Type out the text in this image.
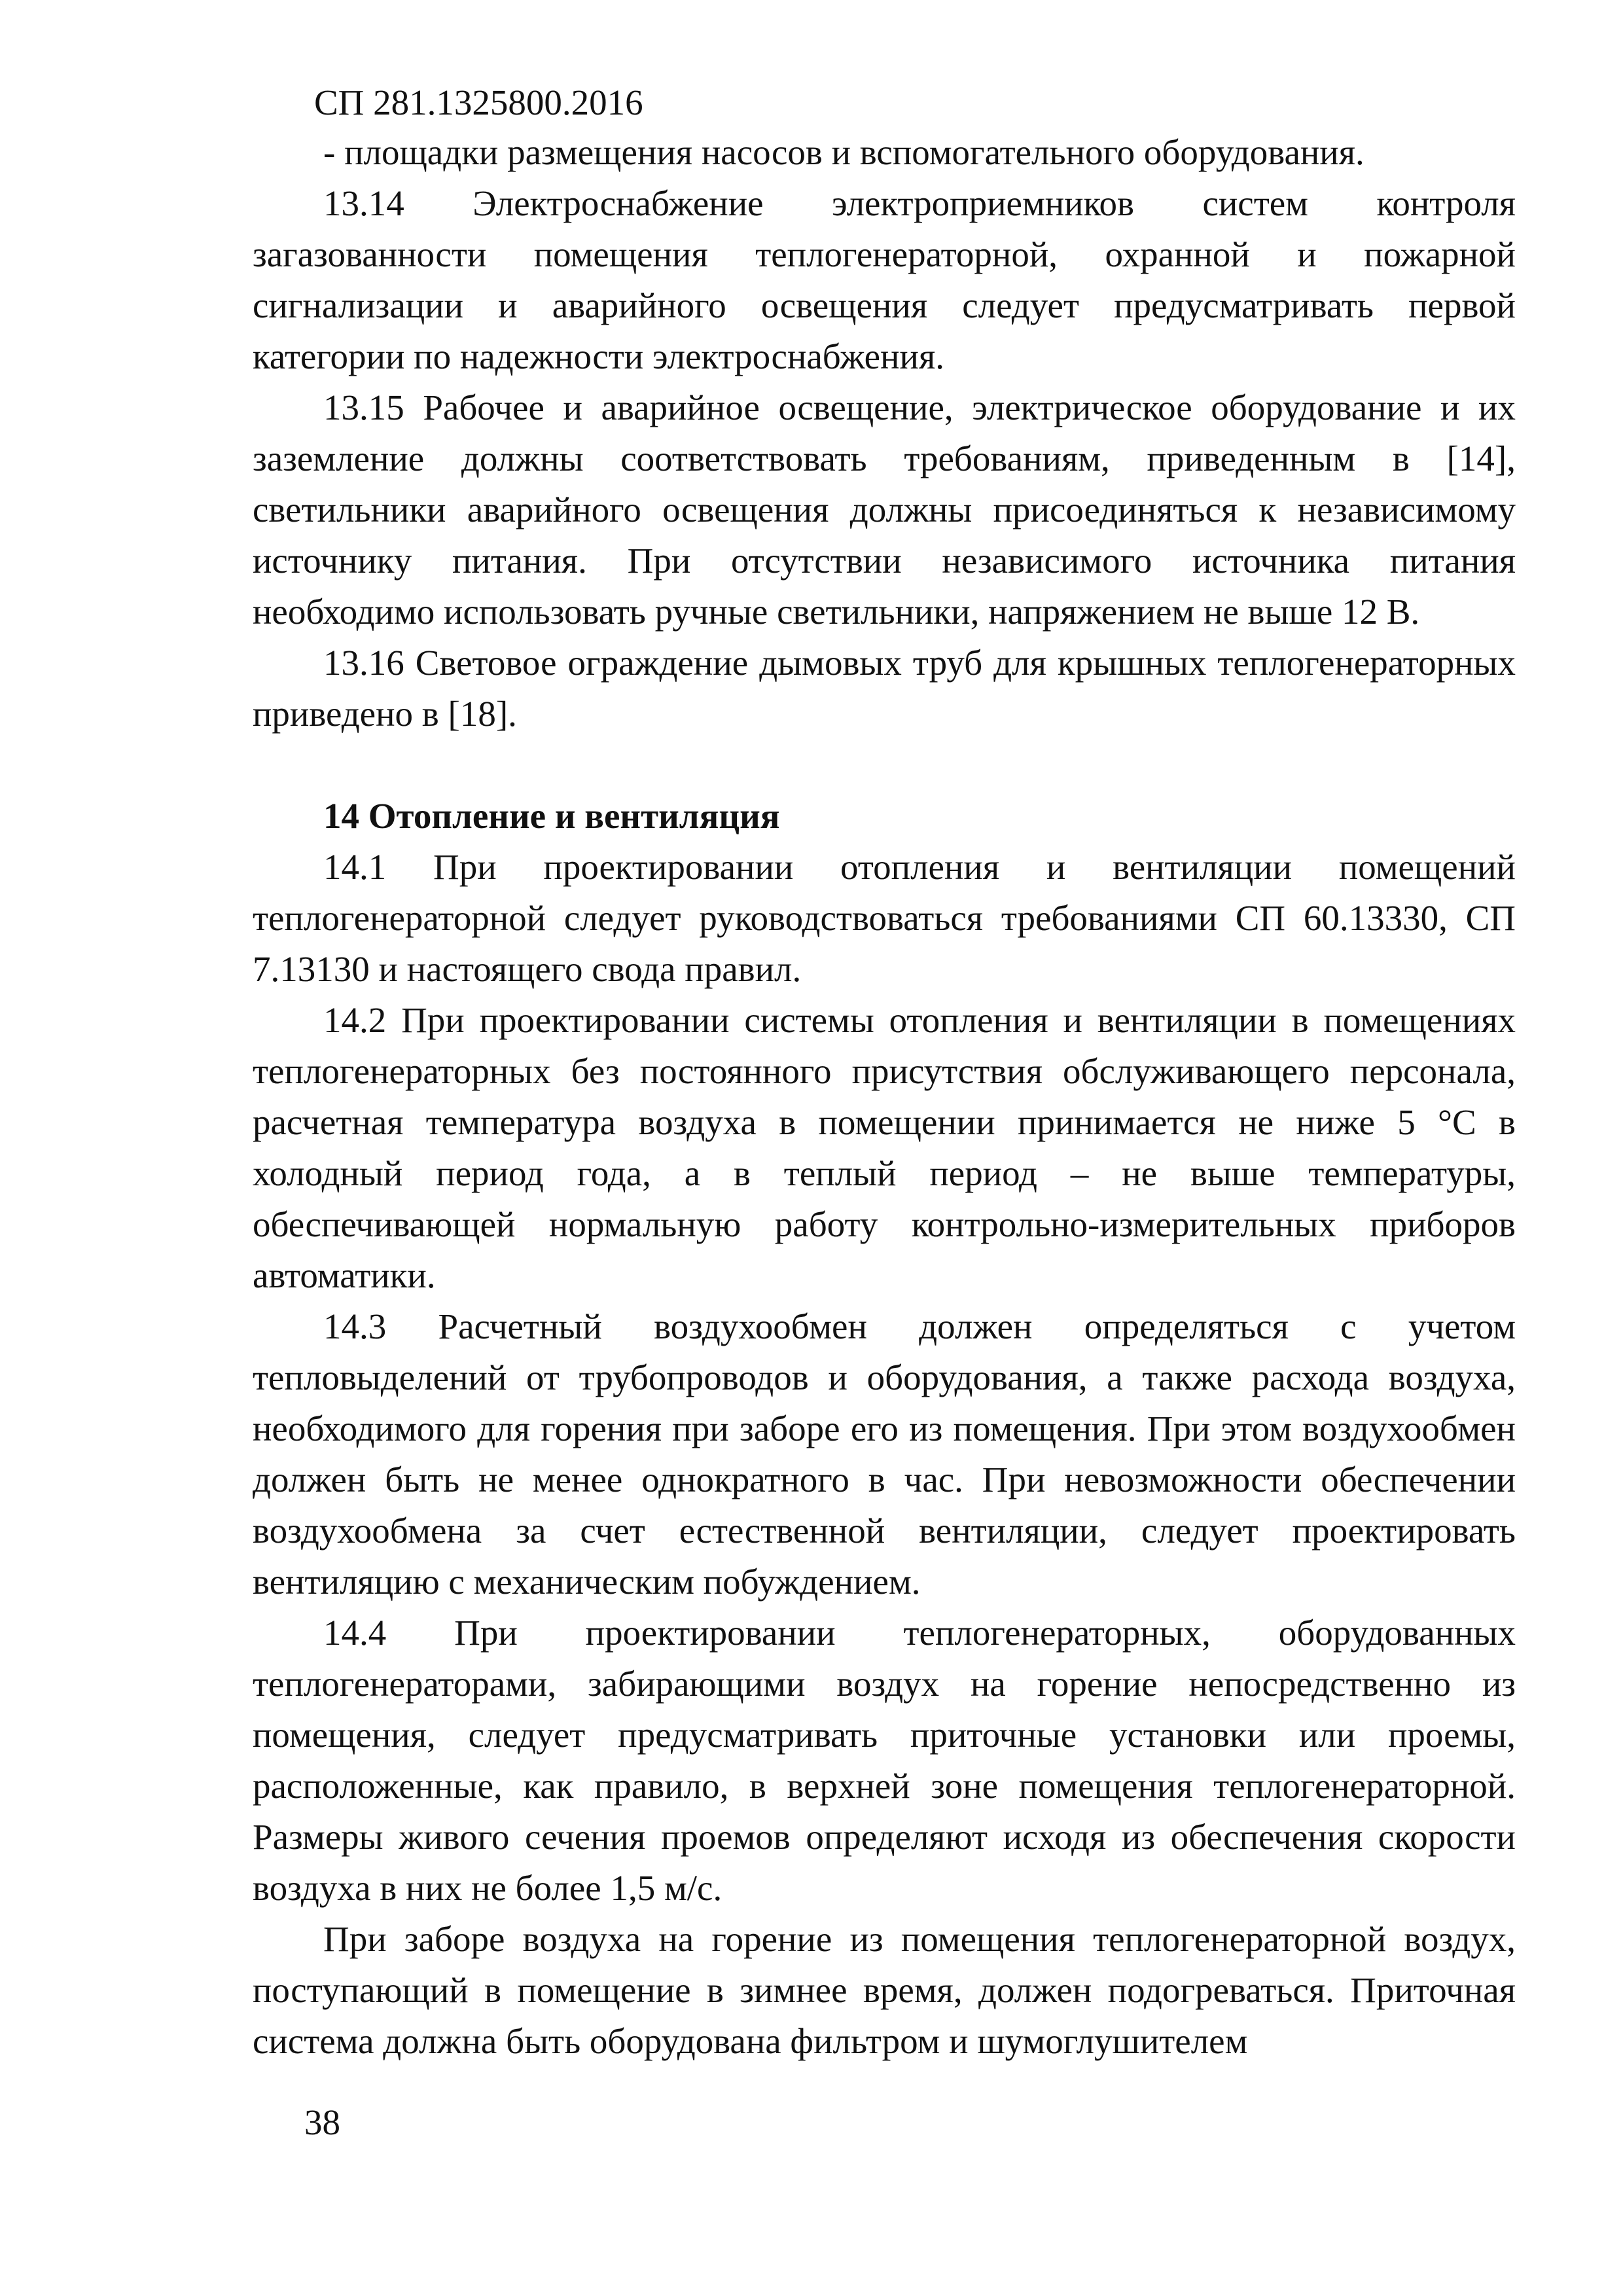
СП 281.1325800.2016

- площадки размещения насосов и вспомогательного оборудования.

13.14 Электроснабжение электроприемников систем контроля загазованности помещения теплогенераторной, охранной и пожарной сигнализации и аварийного освещения следует предусматривать первой категории по надежности электроснабжения.

13.15 Рабочее и аварийное освещение, электрическое оборудование и их заземление должны соответствовать требованиям, приведенным в [14], светильники аварийного освещения должны присоединяться к независимому источнику питания. При отсутствии независимого источника питания необходимо использовать ручные светильники, напряжением не выше 12 В.

13.16 Световое ограждение дымовых труб для крышных теплогенераторных приведено в [18].

14 Отопление и вентиляция

14.1 При проектировании отопления и вентиляции помещений теплогенераторной следует руководствоваться требованиями СП 60.13330, СП 7.13130 и настоящего свода правил.

14.2 При проектировании системы отопления и вентиляции в помещениях теплогенераторных без постоянного присутствия обслуживающего персонала, расчетная температура воздуха в помещении принимается не ниже 5 °С в холодный период года, а в теплый период – не выше температуры, обеспечивающей нормальную работу контрольно-измерительных приборов автоматики.

14.3 Расчетный воздухообмен должен определяться с учетом тепловыделений от трубопроводов и оборудования, а также расхода воздуха, необходимого для горения при заборе его из помещения. При этом воздухообмен должен быть не менее однократного в час. При невозможности обеспечении воздухообмена за счет естественной вентиляции, следует проектировать вентиляцию с механическим побуждением.

14.4 При проектировании теплогенераторных, оборудованных теплогенераторами, забирающими воздух на горение непосредственно из помещения, следует предусматривать приточные установки или проемы, расположенные, как правило, в верхней зоне помещения теплогенераторной. Размеры живого сечения проемов определяют исходя из обеспечения скорости воздуха в них не более 1,5 м/с.

При заборе воздуха на горение из помещения теплогенераторной воздух, поступающий в помещение в зимнее время, должен подогреваться. Приточная система должна быть оборудована фильтром и шумоглушителем

38
